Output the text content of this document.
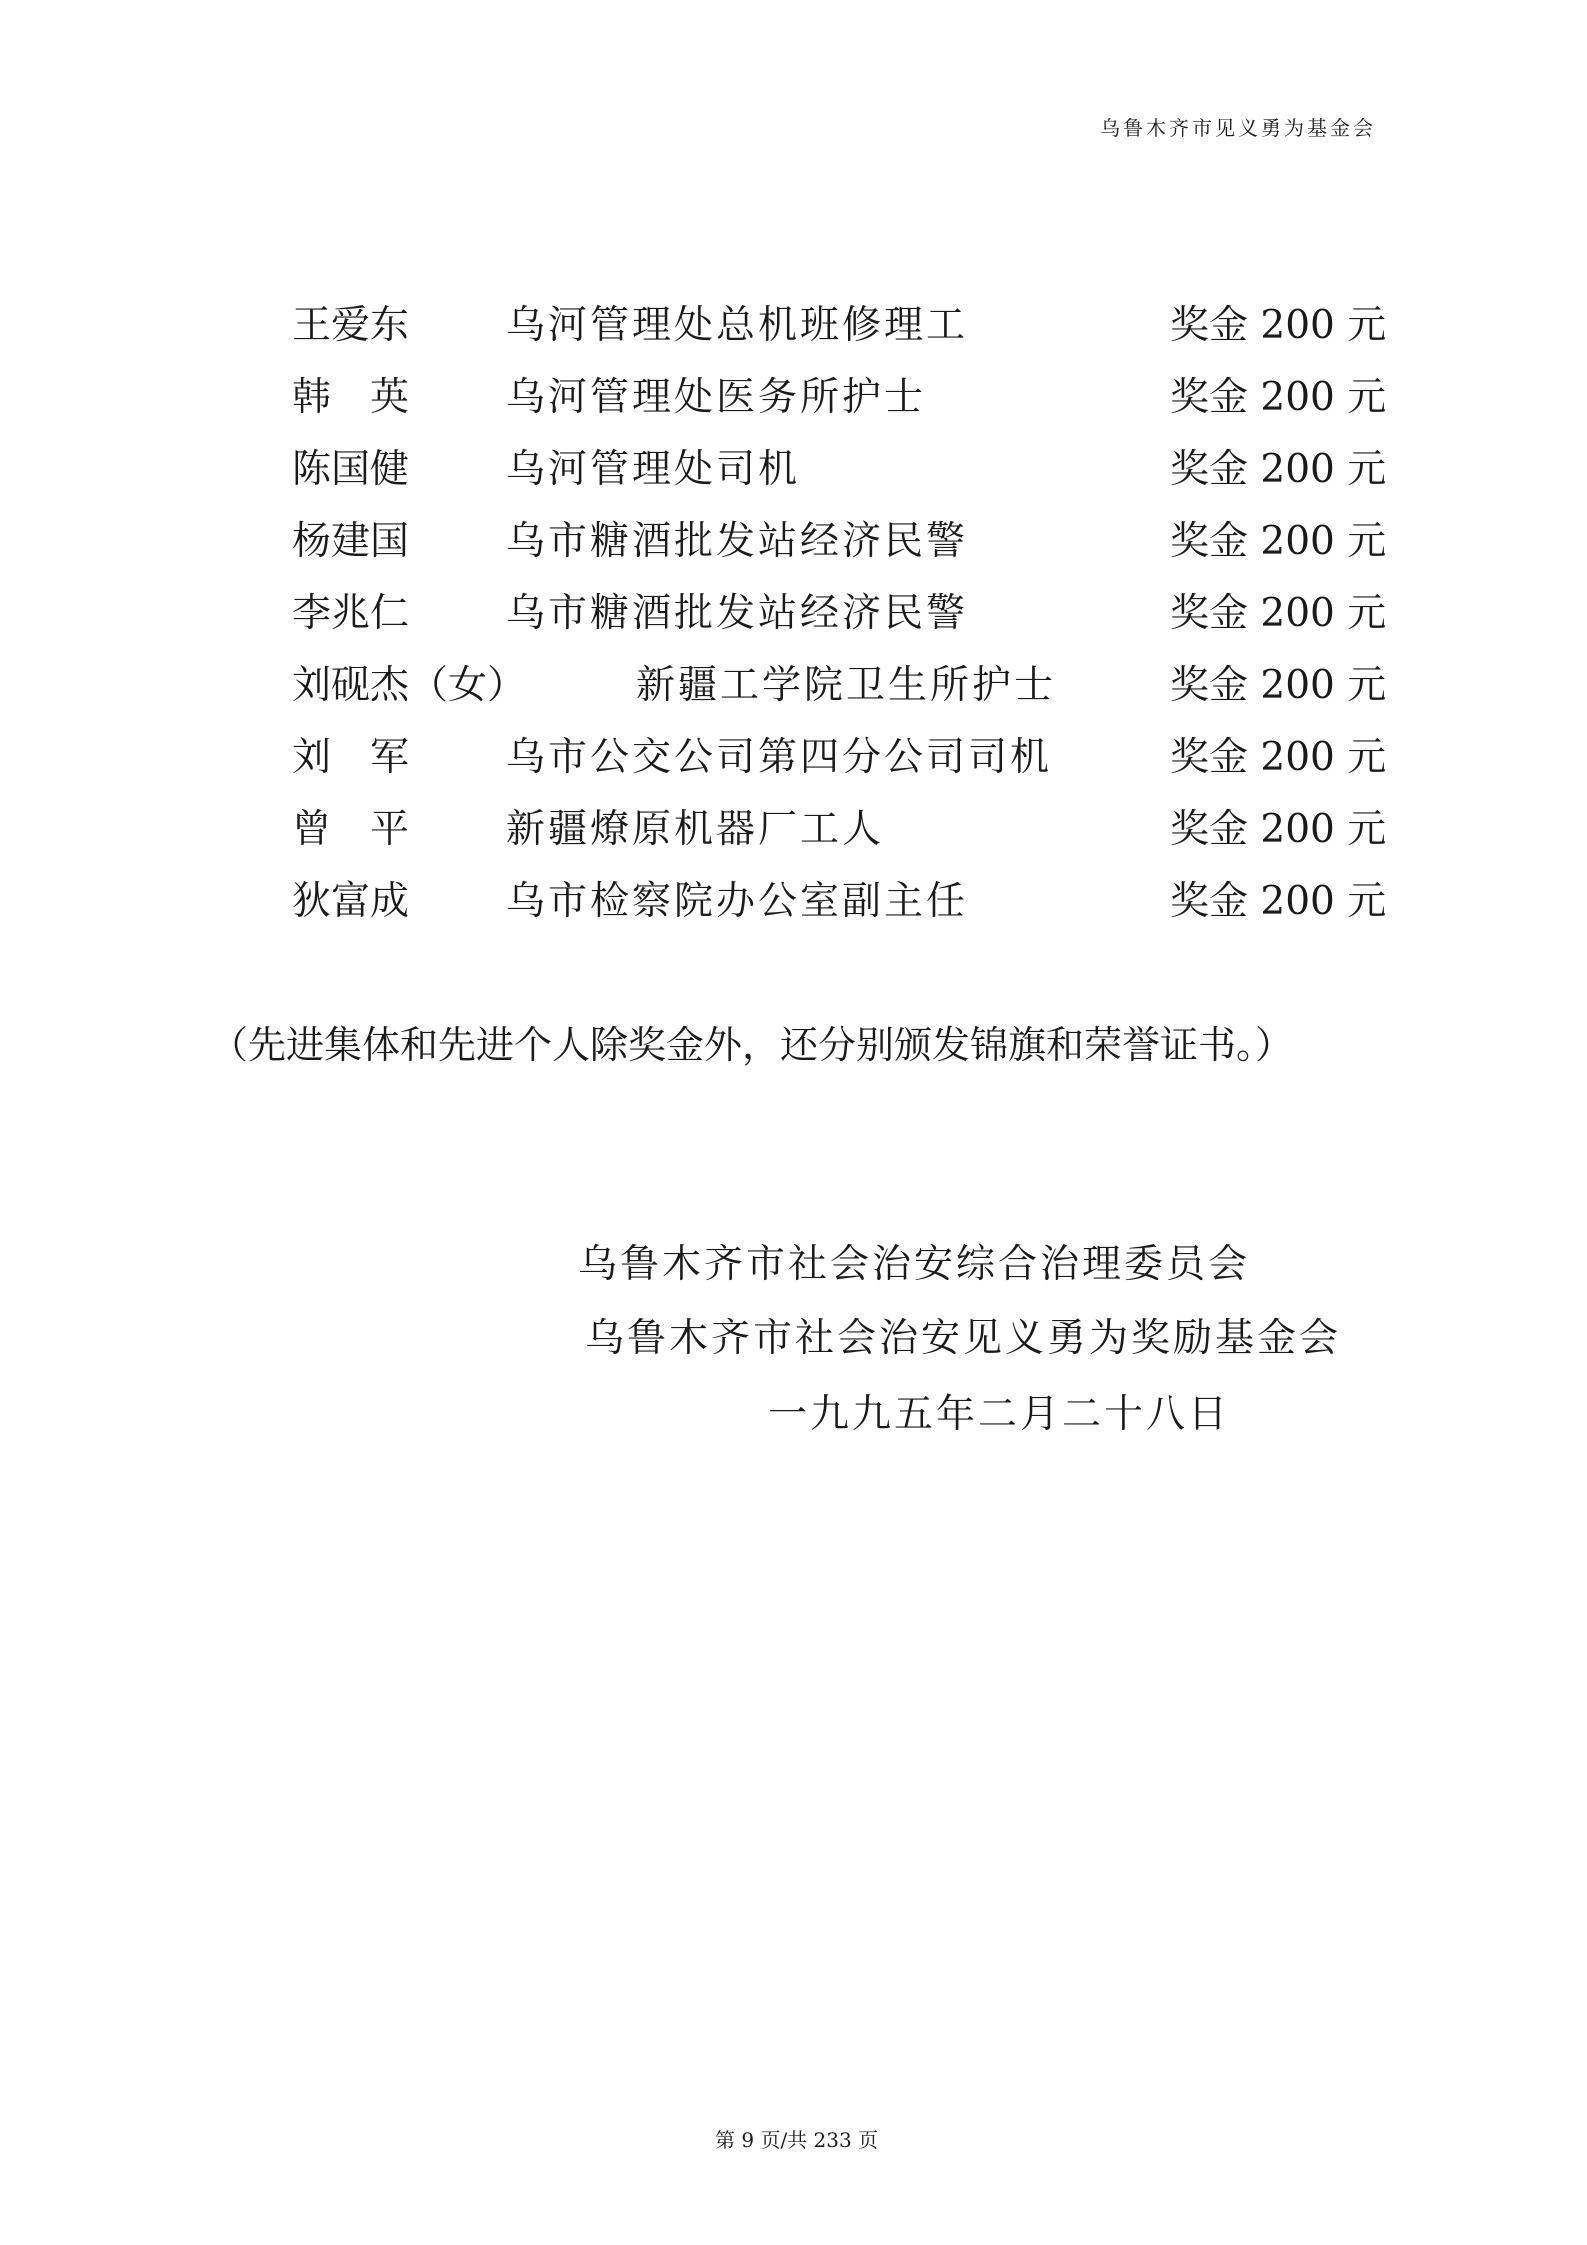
乌鲁木齐市见义勇为基金会
王爱东 乌河管理处总机班修理工	奖金 200 元
韩　英 乌河管理处医务所护士	奖金 200 元
陈国健 乌河管理处司机	奖金 200 元
杨建国 乌市糖酒批发站经济民警	奖金 200 元
李兆仁 乌市糖酒批发站经济民警	奖金 200 元
刘砚杰（女）	新疆工学院卫生所护士	奖金 200 元
刘　军 乌市公交公司第四分公司司机	奖金 200 元
曾　平 新疆燎原机器厂工人	奖金 200 元
狄富成 乌市检察院办公室副主任	奖金 200 元
（先进集体和先进个人除奖金外，还分别颁发锦旗和荣誉证书。）
乌鲁木齐市社会治安综合治理委员会
乌鲁木齐市社会治安见义勇为奖励基金会
一九九五年二月二十八日
第 9 页/共 233 页
